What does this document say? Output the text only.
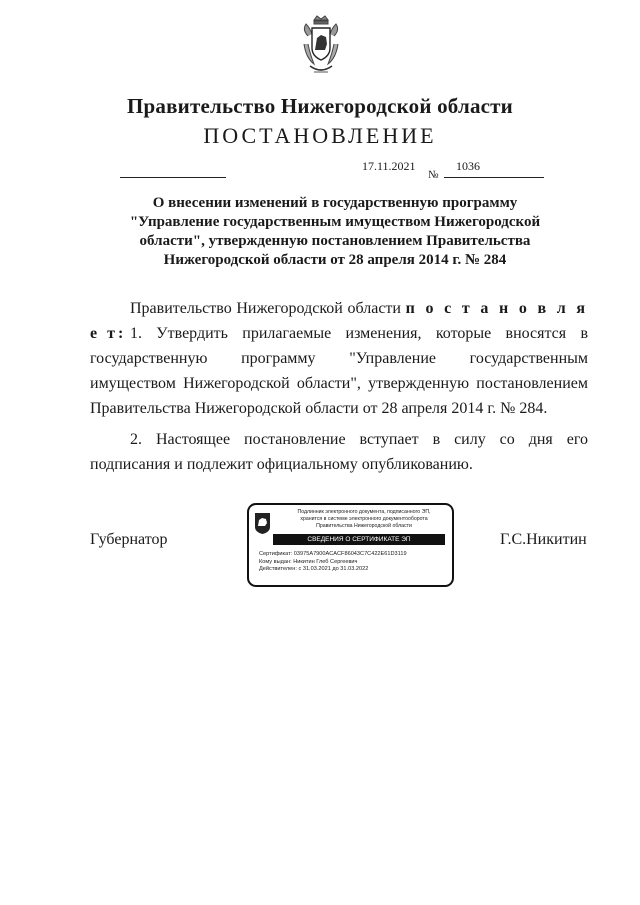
Правительство Нижегородской области
ПОСТАНОВЛЕНИЕ
17.11.2021
№
1036
О внесении изменений в государственную программу
"Управление государственным имуществом Нижегородской
области", утвержденную постановлением Правительства
Нижегородской области от 28 апреля 2014 г. № 284
Правительство Нижегородской области п о с т а н о в л я е т: 1. Утвердить прилагаемые изменения, которые вносятся в государственную программу "Управление государственным имуществом Нижегородской области", утвержденную постановлением Правительства Нижегородской области от 28 апреля 2014 г. № 284.
2. Настоящее постановление вступает в силу со дня его подписания и подлежит официальному опубликованию.
Губернатор	Г.С.Никитин
Подлинник электронного документа, подписанного ЭП,
хранится в системе электронного документооборота
Правительства Нижегородской области
СВЕДЕНИЯ О СЕРТИФИКАТЕ ЭП
Сертификат: 03975A7900ACACF86043C7C422E61D3119
Кому выдан: Никитин Глеб Сергеевич
Действителен: с 31.03.2021 до 31.03.2022
